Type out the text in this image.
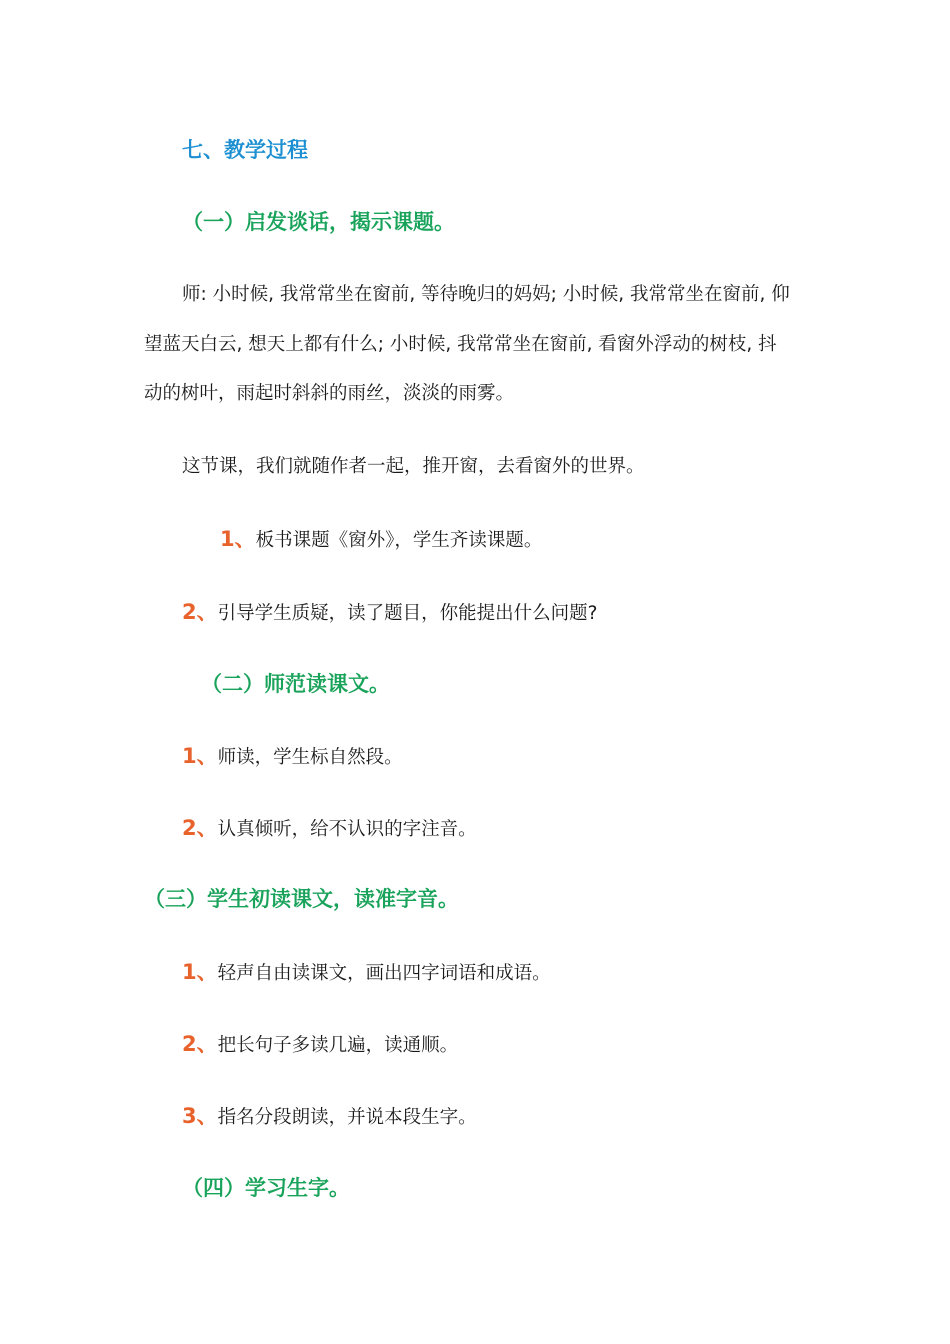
七、教学过程
（一）启发谈话，揭示课题。
师: 小时候, 我常常坐在窗前, 等待晚归的妈妈; 小时候, 我常常坐在窗前, 仰
望蓝天白云, 想天上都有什么; 小时候, 我常常坐在窗前, 看窗外浮动的树枝, 抖
动的树叶，雨起时斜斜的雨丝，淡淡的雨雾。
这节课，我们就随作者一起，推开窗，去看窗外的世界。
1、板书课题《窗外》，学生齐读课题。
2、引导学生质疑，读了题目，你能提出什么问题?
（二）师范读课文。
1、师读，学生标自然段。
2、认真倾听，给不认识的字注音。
（三）学生初读课文，读准字音。
1、轻声自由读课文，画出四字词语和成语。
2、把长句子多读几遍，读通顺。
3、指名分段朗读，并说本段生字。
（四）学习生字。
